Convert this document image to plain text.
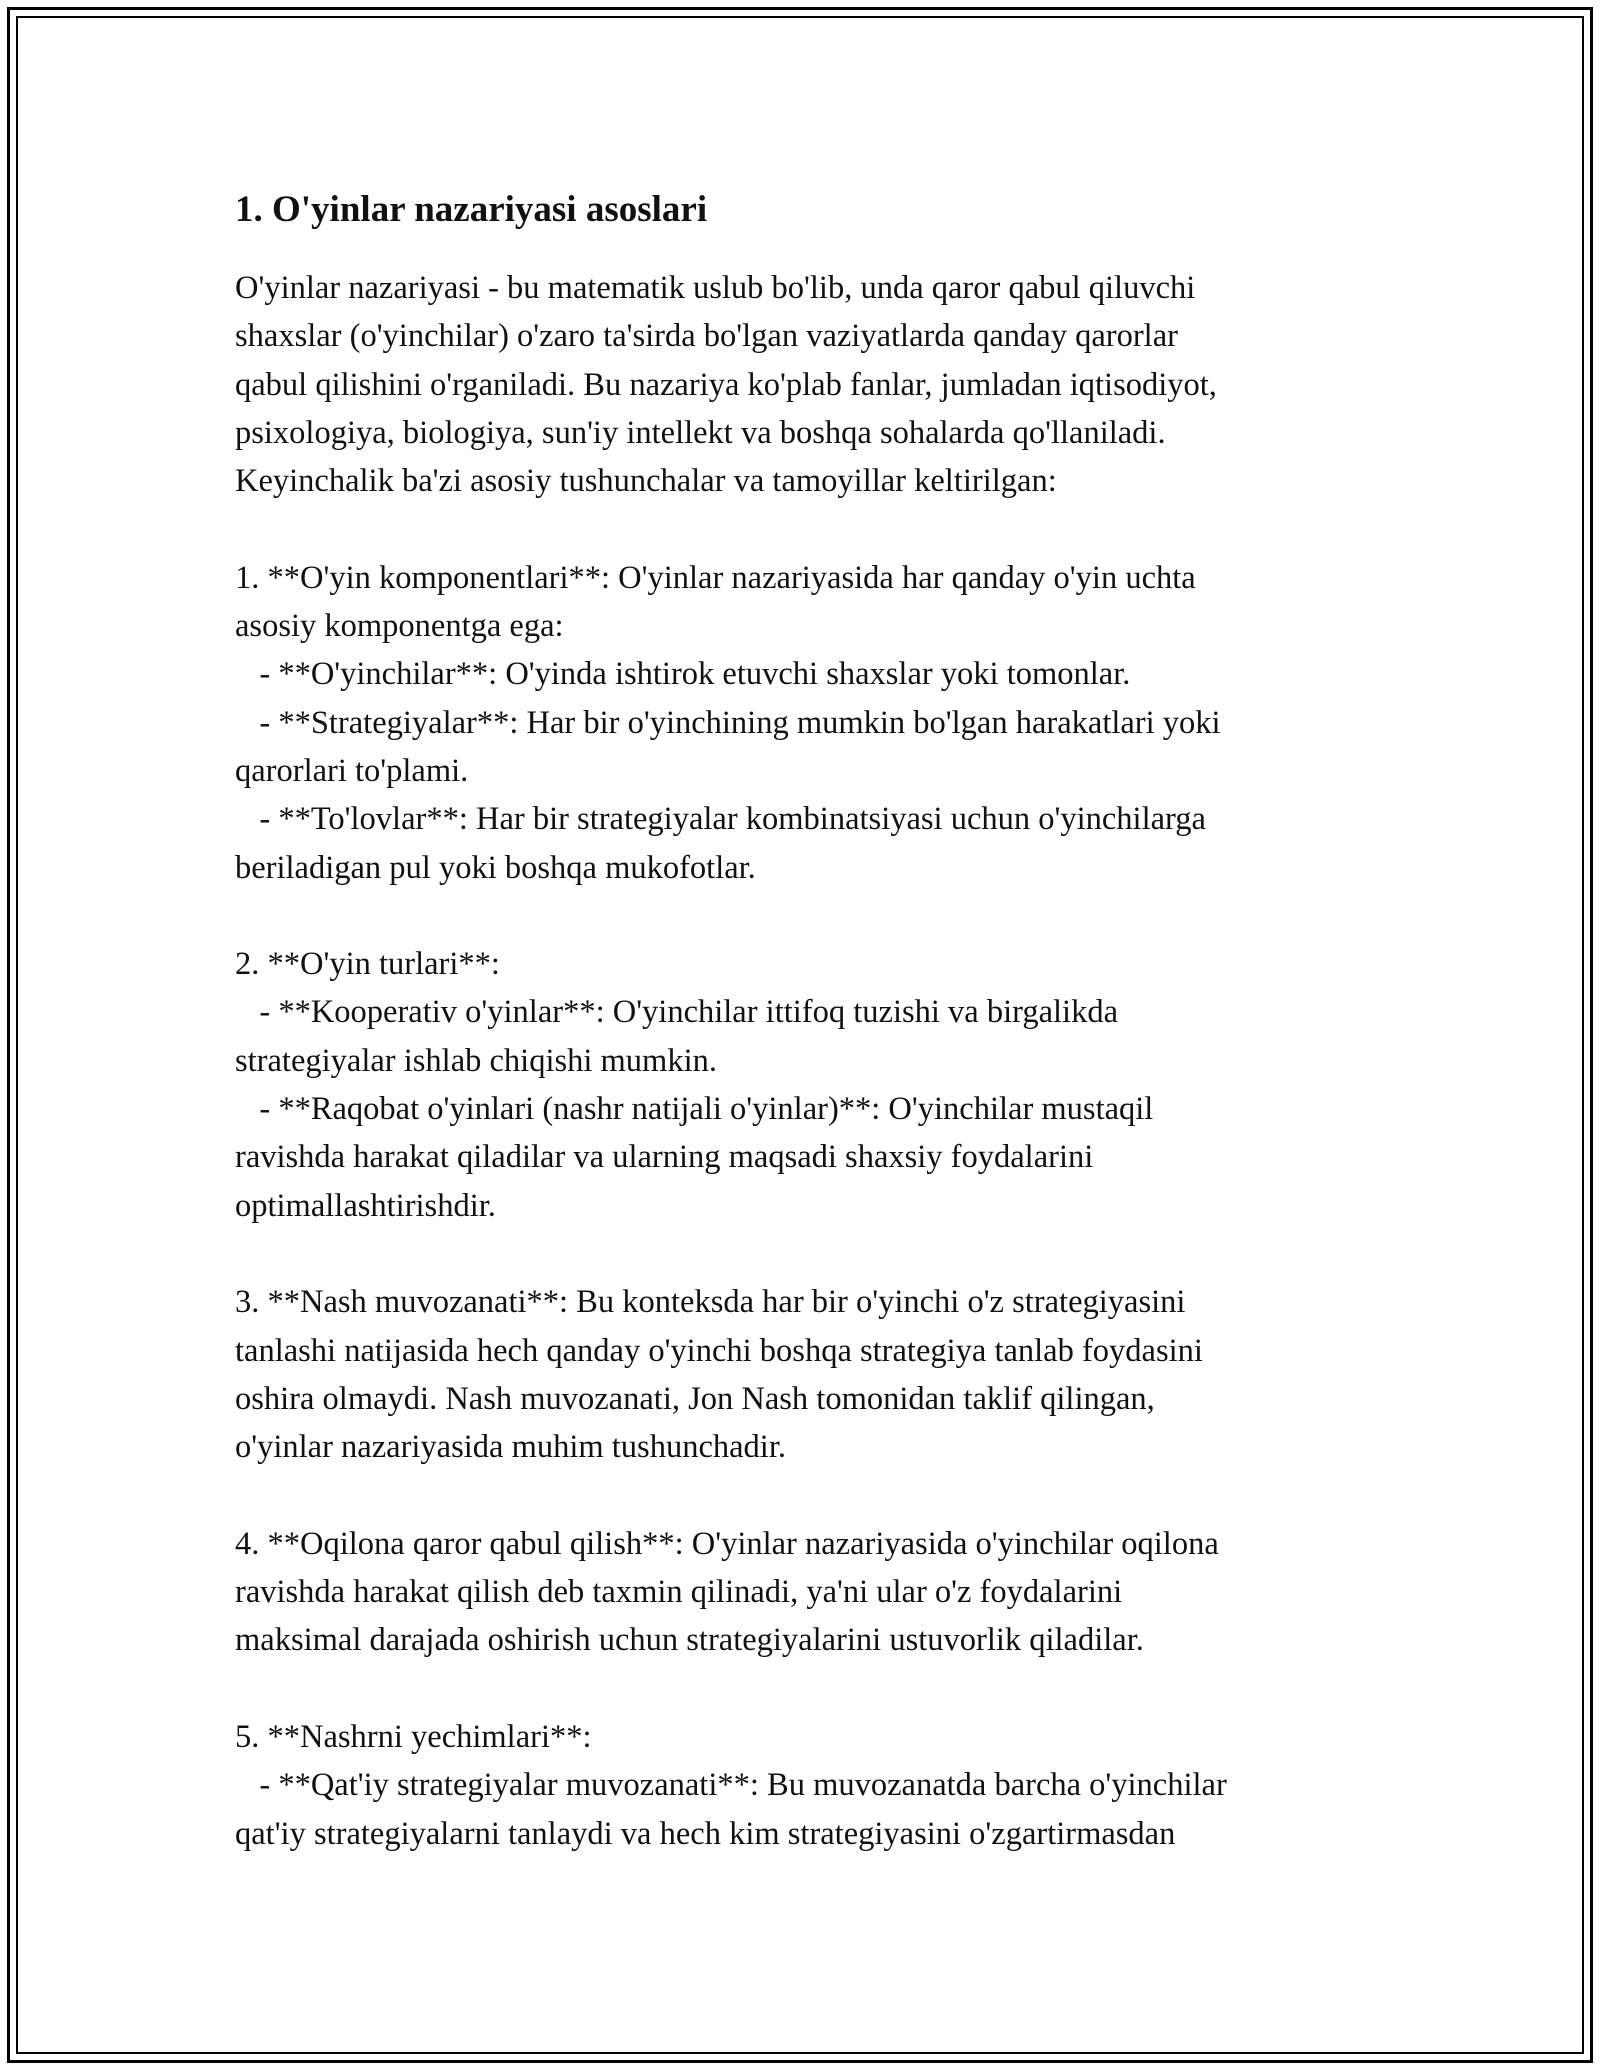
1. O'yinlar nazariyasi asoslari
O'yinlar nazariyasi - bu matematik uslub bo'lib, unda qaror qabul qiluvchi
shaxslar (o'yinchilar) o'zaro ta'sirda bo'lgan vaziyatlarda qanday qarorlar
qabul qilishini o'rganiladi. Bu nazariya ko'plab fanlar, jumladan iqtisodiyot,
psixologiya, biologiya, sun'iy intellekt va boshqa sohalarda qo'llaniladi.
Keyinchalik ba'zi asosiy tushunchalar va tamoyillar keltirilgan:
1. **O'yin komponentlari**: O'yinlar nazariyasida har qanday o'yin uchta
asosiy komponentga ega:
- **O'yinchilar**: O'yinda ishtirok etuvchi shaxslar yoki tomonlar.
- **Strategiyalar**: Har bir o'yinchining mumkin bo'lgan harakatlari yoki
qarorlari to'plami.
- **To'lovlar**: Har bir strategiyalar kombinatsiyasi uchun o'yinchilarga
beriladigan pul yoki boshqa mukofotlar.
2. **O'yin turlari**:
- **Kooperativ o'yinlar**: O'yinchilar ittifoq tuzishi va birgalikda
strategiyalar ishlab chiqishi mumkin.
- **Raqobat o'yinlari (nashr natijali o'yinlar)**: O'yinchilar mustaqil
ravishda harakat qiladilar va ularning maqsadi shaxsiy foydalarini
optimallashtirishdir.
3. **Nash muvozanati**: Bu konteksda har bir o'yinchi o'z strategiyasini
tanlashi natijasida hech qanday o'yinchi boshqa strategiya tanlab foydasini
oshira olmaydi. Nash muvozanati, Jon Nash tomonidan taklif qilingan,
o'yinlar nazariyasida muhim tushunchadir.
4. **Oqilona qaror qabul qilish**: O'yinlar nazariyasida o'yinchilar oqilona
ravishda harakat qilish deb taxmin qilinadi, ya'ni ular o'z foydalarini
maksimal darajada oshirish uchun strategiyalarini ustuvorlik qiladilar.
5. **Nashrni yechimlari**:
- **Qat'iy strategiyalar muvozanati**: Bu muvozanatda barcha o'yinchilar
qat'iy strategiyalarni tanlaydi va hech kim strategiyasini o'zgartirmasdan
